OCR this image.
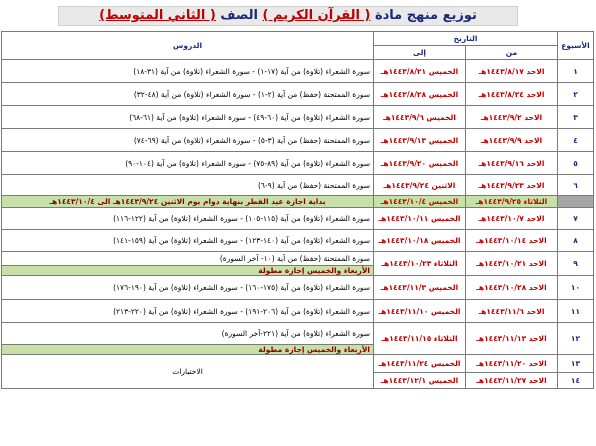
توزيع منهج مادة ( القرآن الكريم ) الصف ( الثاني المتوسط)
الأسبوع	التاريخ		الدروس
	من	إلى	
١	الاحد ١٤٤٣/٨/١٧هـ	الخميس ١٤٤٣/٨/٢١هـ	سورة الشعراء (تلاوة) من آية (١٧-١) - سورة الشعراء (تلاوة) من آية (٣١-١٨)
٢	الاحد ١٤٤٣/٨/٢٤هـ	الخميس ١٤٤٣/٨/٢٨هـ	سورة الممتحنة (حفظ) من آية (٢-١) - سورة الشعراء (تلاوة) من آية (٤٨-٣٢)
٣	الاحد ١٤٤٣/٩/٢هـ	الخميس ١٤٤٣/٩/٦هـ	سورة الشعراء (تلاوة) من آية (٦٠-٤٩) - سورة الشعراء (تلاوة) من آية (٦١-٦٨)
٤	الاحد ١٤٤٣/٩/٩هـ	الخميس ١٤٤٣/٩/١٣هـ	سورة الممتحنة (حفظ) من آية (٣-٥) - سورة الشعراء (تلاوة) من آية (٦٩-٧٤)
٥	الاحد ١٤٤٣/٩/١٦هـ	الخميس ١٤٤٣/٩/٢٠هـ	سورة الشعراء (تلاوة) من آية (٨٩-٧٥) - سورة الشعراء (تلاوة) من آية (١٠٤-٩٠)
٦	الاحد ١٤٤٣/٩/٢٣هـ	الاثنين ١٤٤٣/٩/٢٤هـ	سورة الممتحنة (حفظ) من آية (٩-٦)
	الثلاثاء ١٤٤٣/٩/٢٥هـ	الخميس ١٤٤٣/١٠/٤هـ	بداية اجازة عيد الفطر بنهاية دوام يوم الاثنين ١٤٤٣/٩/٢٤هـ الى ١٤٤٣/١٠/٤هـ
٧	الاحد ١٤٤٣/١٠/٧هـ	الخميس ١٤٤٣/١٠/١١هـ	سورة الشعراء (تلاوة) من آية (١١٥-١٠٥) - سورة الشعراء (تلاوة) من آية (١٢٢-١١٦)
٨	الاحد ١٤٤٣/١٠/١٤هـ	الخميس ١٤٤٣/١٠/١٨هـ	سورة الشعراء (تلاوة) من آية (١٤٠-١٢٣) - سورة الشعراء (تلاوة) من آية (١٥٩-١٤١)
٩	الاحد ١٤٤٣/١٠/٢١هـ	الثلاثاء ١٤٤٣/١٠/٢٣هـ	سورة الممتحنة (حفظ) من آية (١٠- آخر السورة)
			الأربعاء والخميس إجازة مطولة
١٠	الاحد ١٤٤٣/١٠/٢٨هـ	الخميس ١٤٤٣/١١/٣هـ	سورة الشعراء (تلاوة) من آية (١٧٥-١٦٠) - سورة الشعراء (تلاوة) من آية (١٩٠-١٧٦)
١١	الاحد ١٤٤٣/١١/٦هـ	الخميس ١٤٤٣/١١/١٠هـ	سورة الشعراء (تلاوة) من آية (٢٠٦-١٩١) - سورة الشعراء (تلاوة) من آية (٢٢٠-٢١٣)
١٢	الاحد ١٤٤٣/١١/١٣هـ	الثلاثاء ١٤٤٣/١١/١٥هـ	سورة الشعراء (تلاوة) من آية (٢٢١-آخر السورة)
			الأربعاء والخميس إجازة مطولة
١٣	الاحد ١٤٤٣/١١/٢٠هـ	الخميس ١٤٤٣/١١/٢٤هـ	الاختبارات
١٤	الاحد ١٤٤٣/١١/٢٧هـ	الخميس ١٤٤٣/١٢/١هـ	
